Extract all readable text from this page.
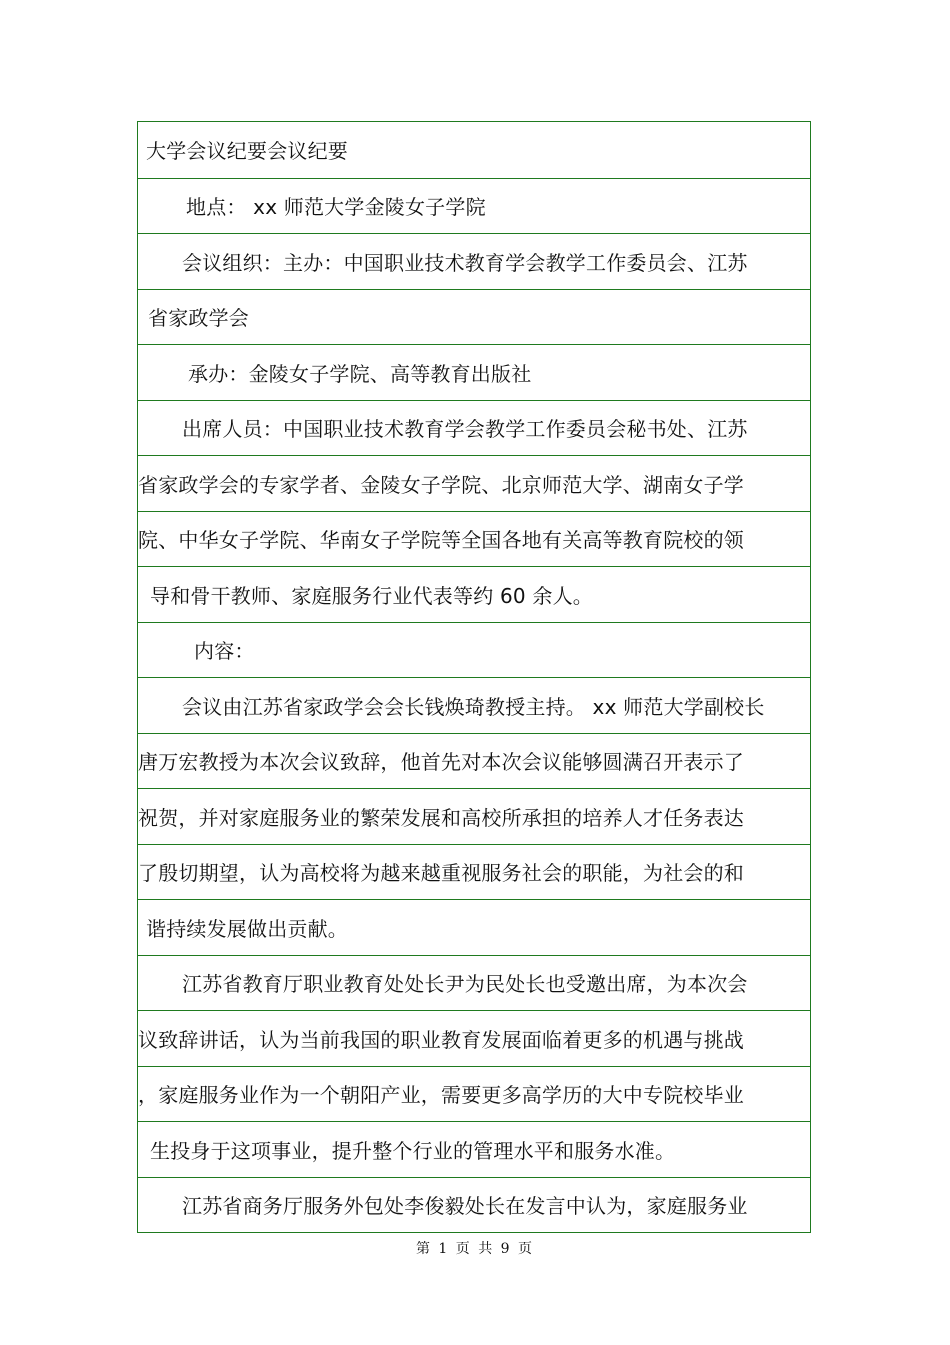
大学会议纪要会议纪要
地点： xx 师范大学金陵女子学院
会议组织：主办：中国职业技术教育学会教学工作委员会、江苏
省家政学会
承办：金陵女子学院、高等教育出版社
出席人员：中国职业技术教育学会教学工作委员会秘书处、江苏
省家政学会的专家学者、金陵女子学院、北京师范大学、湖南女子学
院、中华女子学院、华南女子学院等全国各地有关高等教育院校的领
导和骨干教师、家庭服务行业代表等约 60 余人。
内容：
会议由江苏省家政学会会长钱焕琦教授主持。 xx 师范大学副校长
唐万宏教授为本次会议致辞，他首先对本次会议能够圆满召开表示了
祝贺，并对家庭服务业的繁荣发展和高校所承担的培养人才任务表达
了殷切期望，认为高校将为越来越重视服务社会的职能，为社会的和
谐持续发展做出贡献。
江苏省教育厅职业教育处处长尹为民处长也受邀出席，为本次会
议致辞讲话，认为当前我国的职业教育发展面临着更多的机遇与挑战
，家庭服务业作为一个朝阳产业，需要更多高学历的大中专院校毕业
生投身于这项事业，提升整个行业的管理水平和服务水准。
江苏省商务厅服务外包处李俊毅处长在发言中认为，家庭服务业
第 1 页 共 9 页
